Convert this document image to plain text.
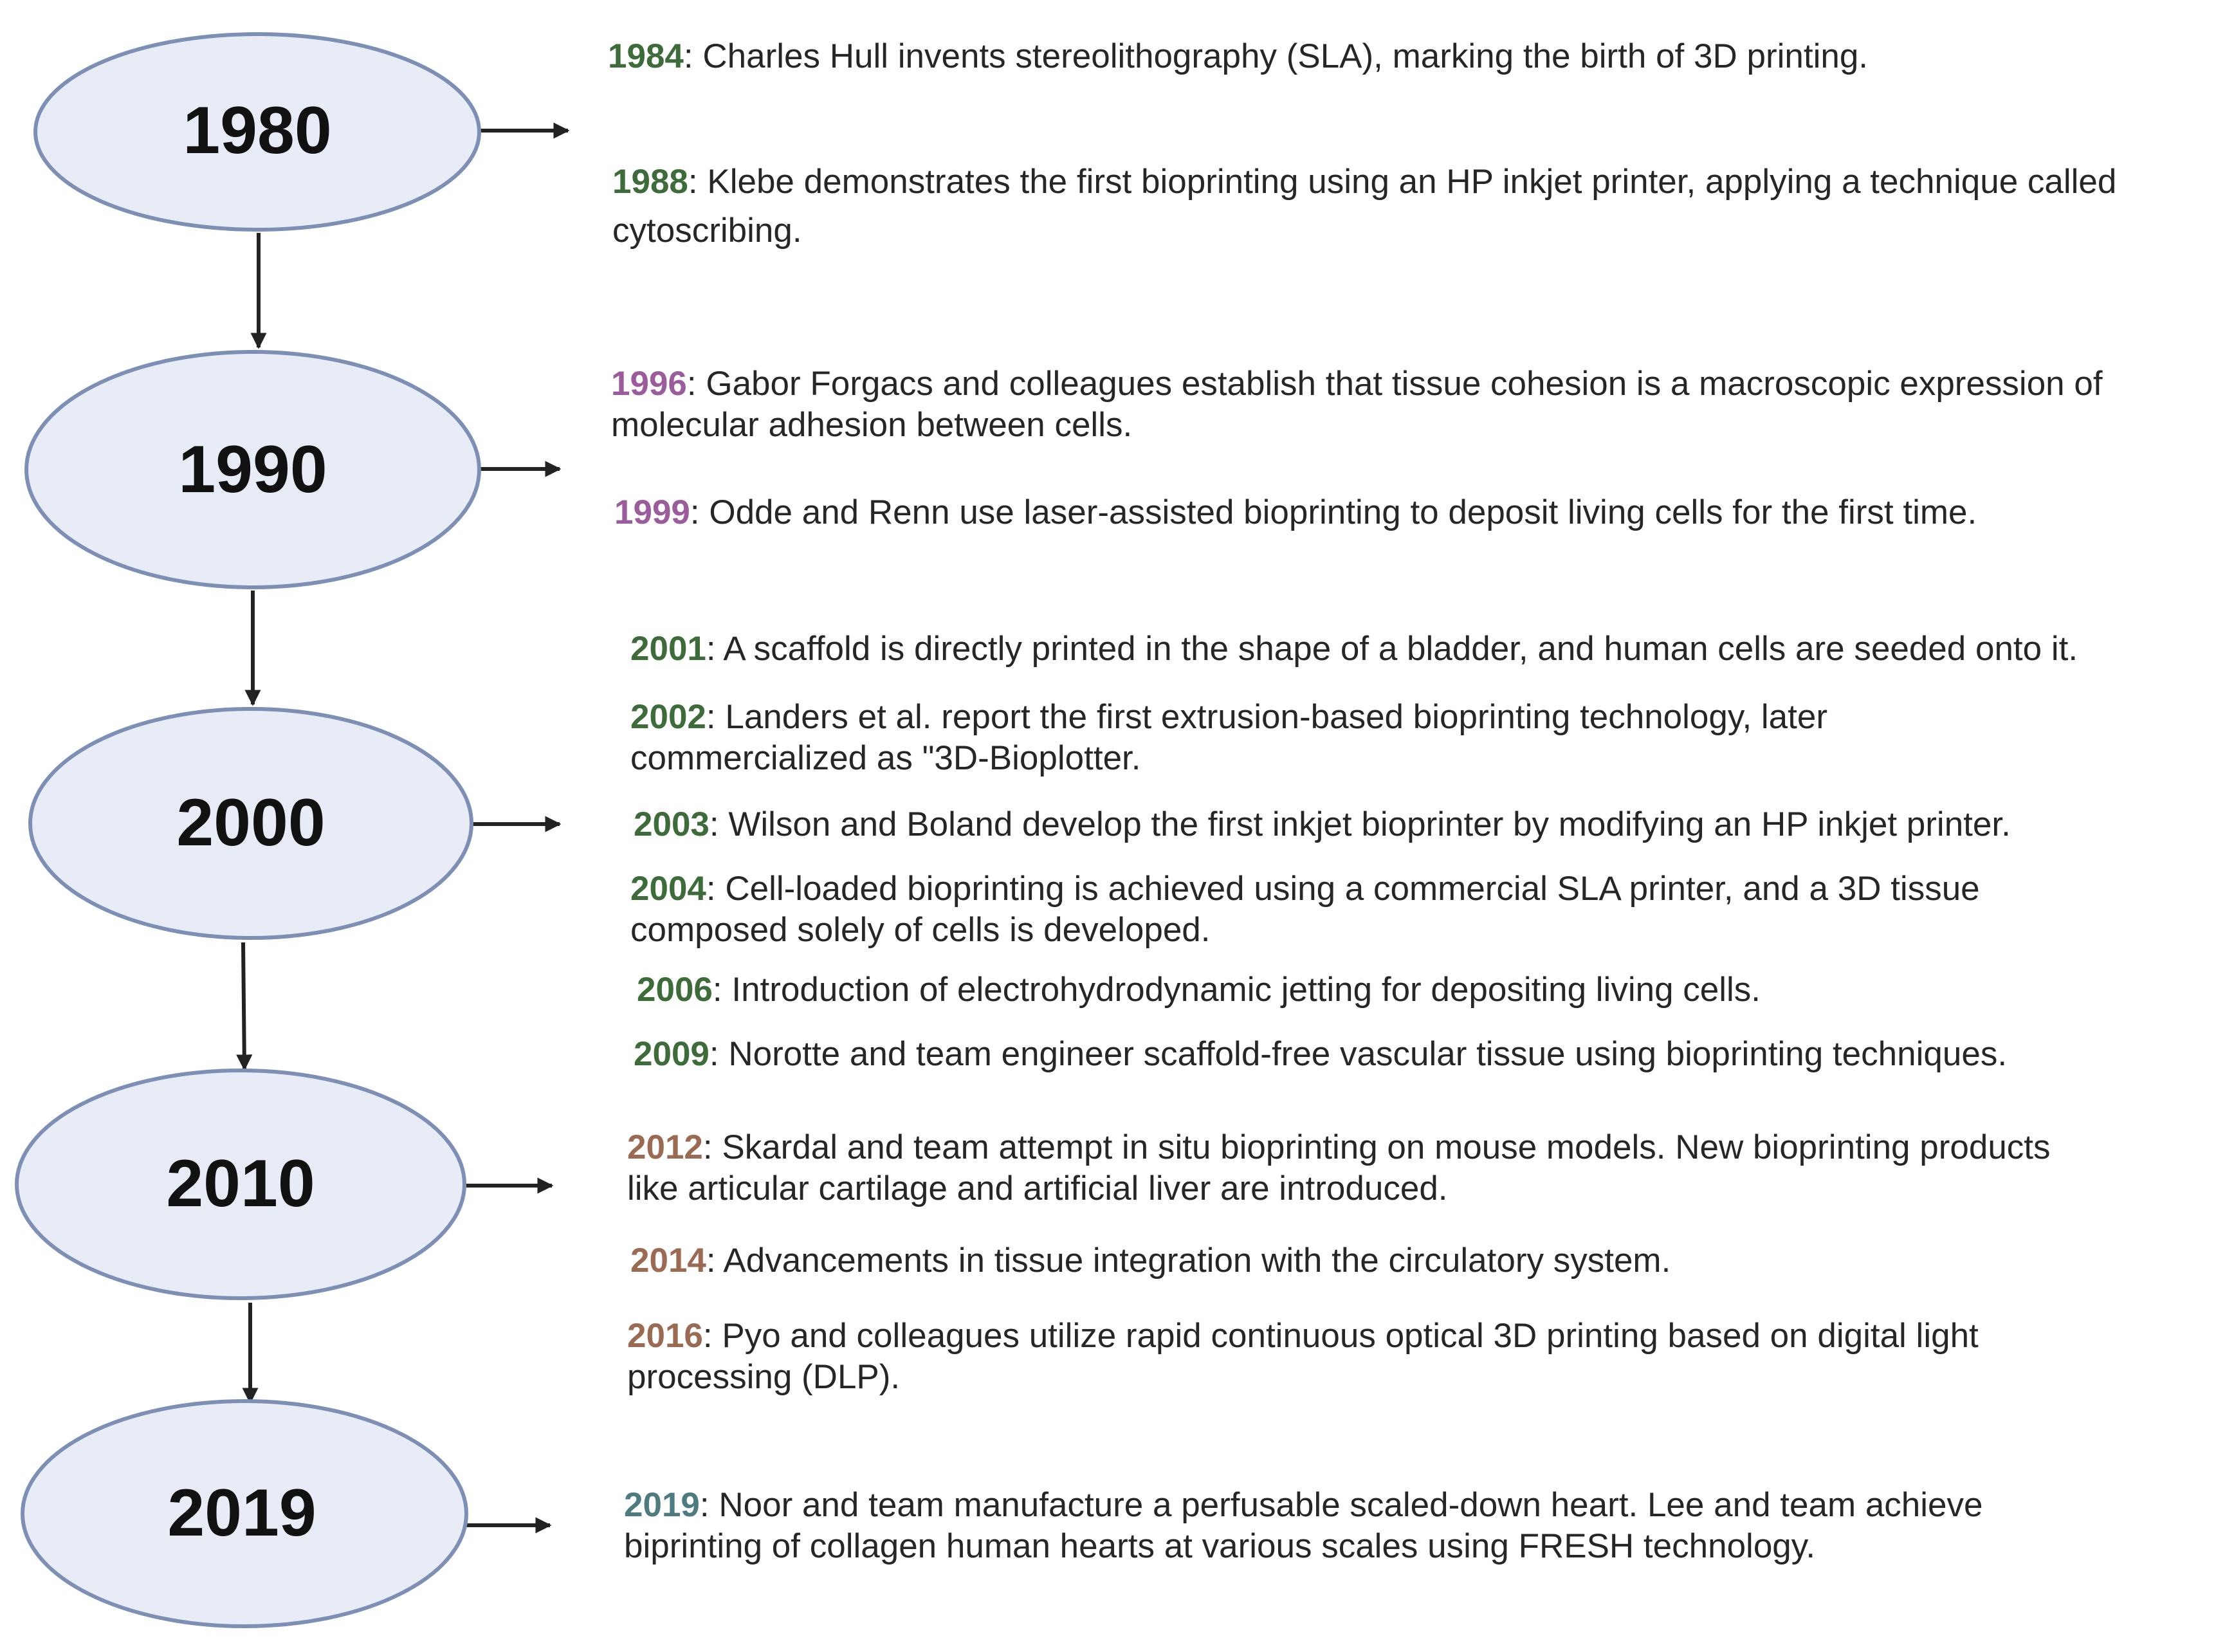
1980
1990
2000
2010
2019

1984: Charles Hull invents stereolithography (SLA), marking the birth of 3D printing.

1988: Klebe demonstrates the first bioprinting using an HP inkjet printer, applying a technique called cytoscribing.

1996: Gabor Forgacs and colleagues establish that tissue cohesion is a macroscopic expression of molecular adhesion between cells.

1999: Odde and Renn use laser-assisted bioprinting to deposit living cells for the first time.

2001: A scaffold is directly printed in the shape of a bladder, and human cells are seeded onto it.

2002: Landers et al. report the first extrusion-based bioprinting technology, later commercialized as "3D-Bioplotter.

2003: Wilson and Boland develop the first inkjet bioprinter by modifying an HP inkjet printer.

2004: Cell-loaded bioprinting is achieved using a commercial SLA printer, and a 3D tissue composed solely of cells is developed.

2006: Introduction of electrohydrodynamic jetting for depositing living cells.

2009: Norotte and team engineer scaffold-free vascular tissue using bioprinting techniques.

2012: Skardal and team attempt in situ bioprinting on mouse models. New bioprinting products like articular cartilage and artificial liver are introduced.

2014: Advancements in tissue integration with the circulatory system.

2016: Pyo and colleagues utilize rapid continuous optical 3D printing based on digital light processing (DLP).

2019: Noor and team manufacture a perfusable scaled-down heart. Lee and team achieve biprinting of collagen human hearts at various scales using FRESH technology.
